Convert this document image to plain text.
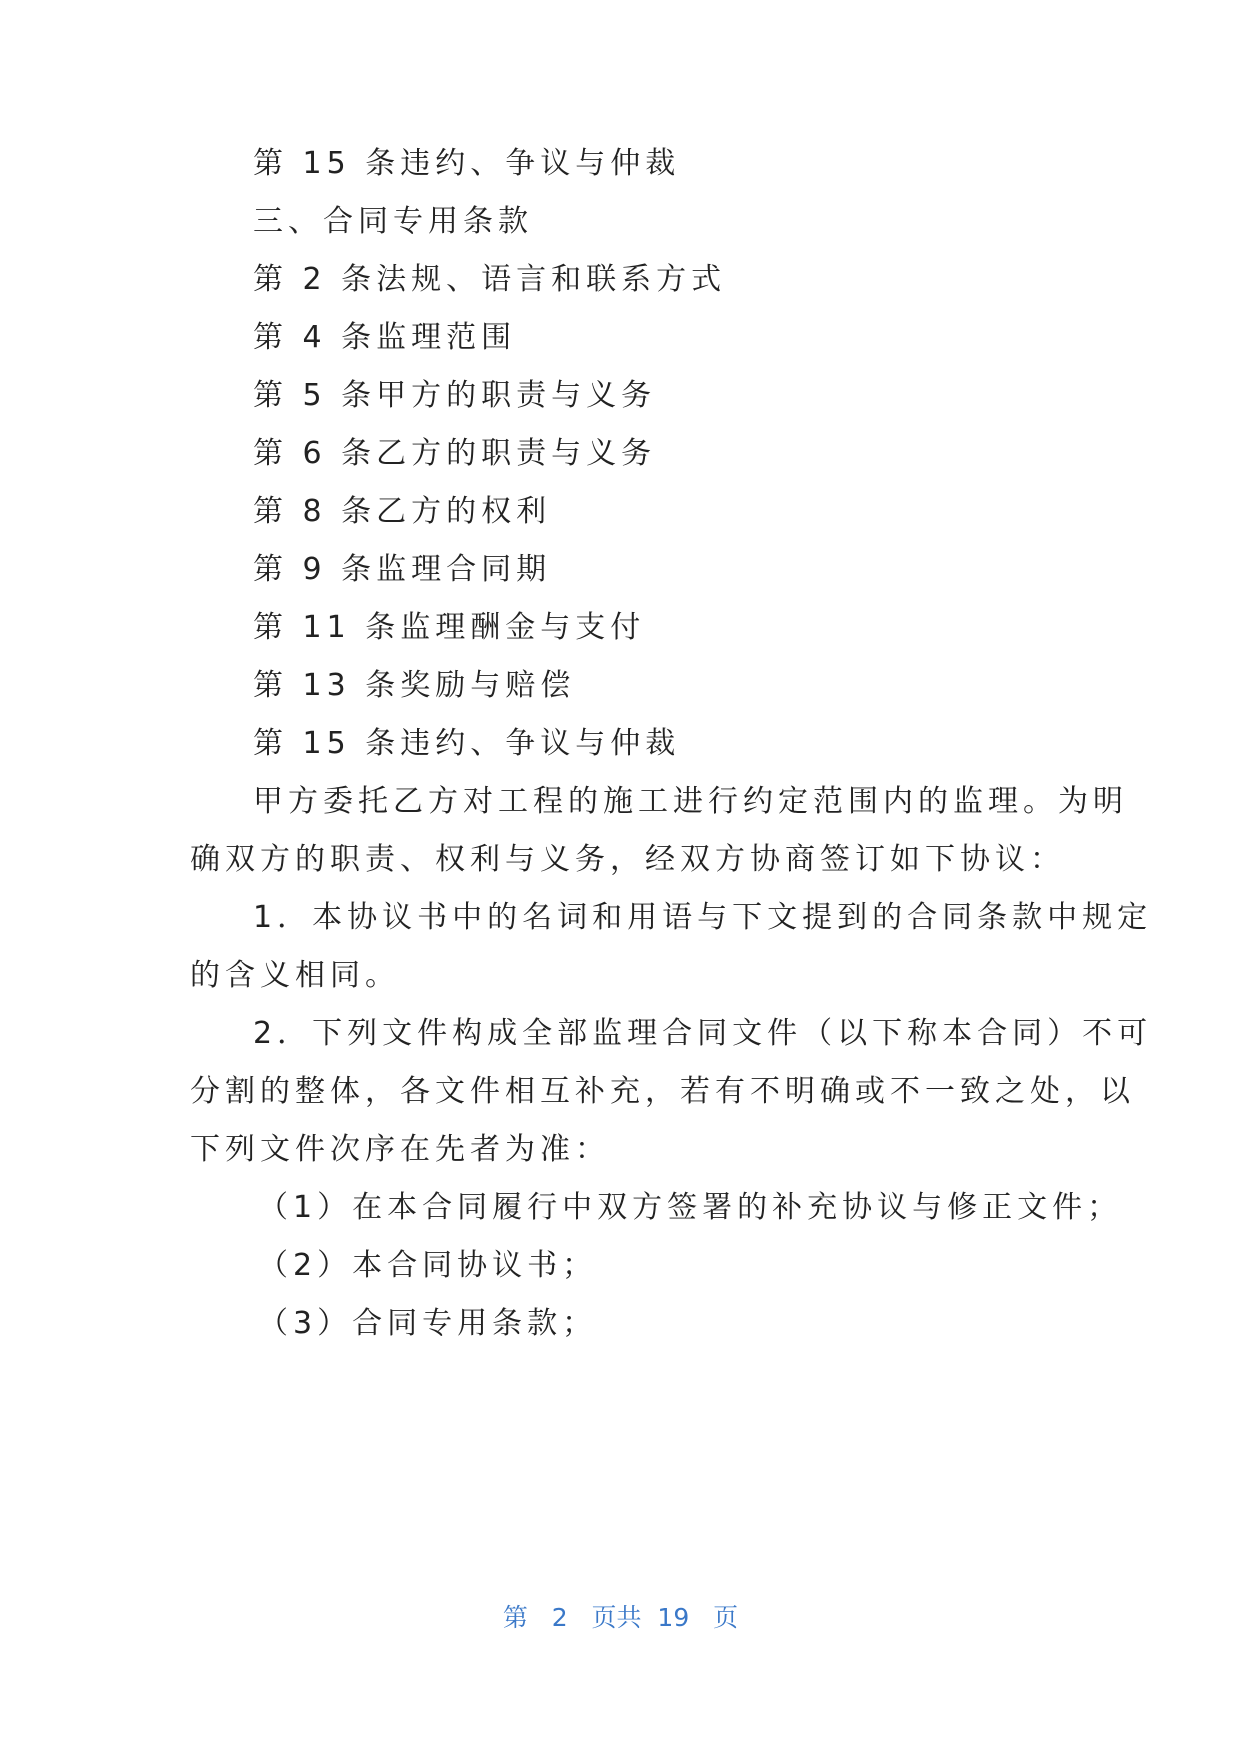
第 15 条违约、争议与仲裁
三、合同专用条款
第 2 条法规、语言和联系方式
第 4 条监理范围
第 5 条甲方的职责与义务
第 6 条乙方的职责与义务
第 8 条乙方的权利
第 9 条监理合同期
第 11 条监理酬金与支付
第 13 条奖励与赔偿
第 15 条违约、争议与仲裁
甲方委托乙方对工程的施工进行约定范围内的监理。为明
确双方的职责、权利与义务，经双方协商签订如下协议：
1．本协议书中的名词和用语与下文提到的合同条款中规定
的含义相同。
2．下列文件构成全部监理合同文件（以下称本合同）不可
分割的整体，各文件相互补充，若有不明确或不一致之处，以
下列文件次序在先者为准：
（1）在本合同履行中双方签署的补充协议与修正文件；
（2）本合同协议书；
（3）合同专用条款；
第 2 页共 19 页
